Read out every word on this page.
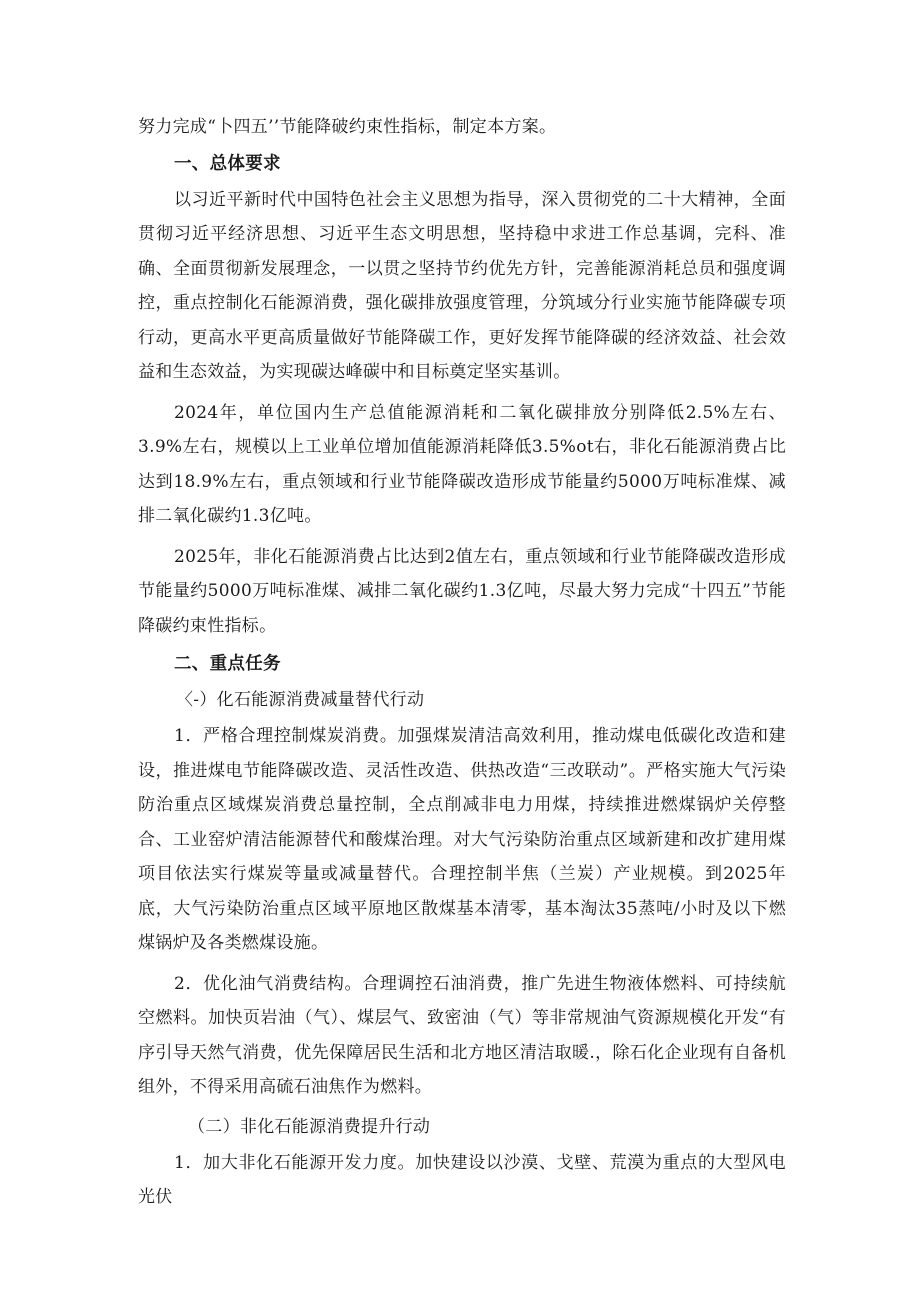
努力完成“卜四五’’节能降破约束性指标，制定本方案。

一、总体要求

以习近平新时代中国特色社会主义思想为指导，深入贯彻党的二十大精神，全面贯彻习近平经济思想、习近平生态文明思想，坚持稳中求进工作总基调，完科、准确、全面贯彻新发展理念，一以贯之坚持节约优先方针，完善能源消耗总员和强度调控，重点控制化石能源消费，强化碳排放强度管理，分筑域分行业实施节能降碳专项行动，更高水平更高质量做好节能降碳工作，更好发挥节能降碳的经济效益、社会效益和生态效益，为实现碳达峰碳中和目标奠定坚实基训。

2024年，单位国内生产总值能源消耗和二氧化碳排放分别降低2.5%左右、3.9%左右，规模以上工业单位增加值能源消耗降低3.5%ot右，非化石能源消费占比达到18.9%左右，重点领域和行业节能降碳改造形成节能量约5000万吨标准煤、减排二氧化碳约1.3亿吨。

2025年，非化石能源消费占比达到2值左右，重点领域和行业节能降碳改造形成节能量约5000万吨标准煤、减排二氧化碳约1.3亿吨，尽最大努力完成“十四五”节能降碳约束性指标。

二、重点任务

〈-）化石能源消费减量替代行动

1．严格合理控制煤炭消费。加强煤炭清洁高效利用，推动煤电低碳化改造和建设，推进煤电节能降碳改造、灵活性改造、供热改造“三改联动”。严格实施大气污染防治重点区域煤炭消费总量控制，全点削减非电力用煤，持续推进燃煤锅炉关停整合、工业窑炉清洁能源替代和酸煤治理。对大气污染防治重点区域新建和改扩建用煤项目依法实行煤炭等量或减量替代。合理控制半焦（兰炭）产业规模。到2025年底，大气污染防治重点区域平原地区散煤基本清零，基本淘汰35蒸吨/小时及以下燃煤锅炉及各类燃煤设施。

2．优化油气消费结构。合理调控石油消费，推广先进生物液体燃料、可持续航空燃料。加快页岩油（气）、煤层气、致密油（气）等非常规油气资源规模化开发“有序引导天然气消费，优先保障居民生活和北方地区清洁取暖.，除石化企业现有自备机组外，不得采用高硫石油焦作为燃料。

（二）非化石能源消费提升行动

1．加大非化石能源开发力度。加快建设以沙漠、戈壁、荒漠为重点的大型风电光伏
